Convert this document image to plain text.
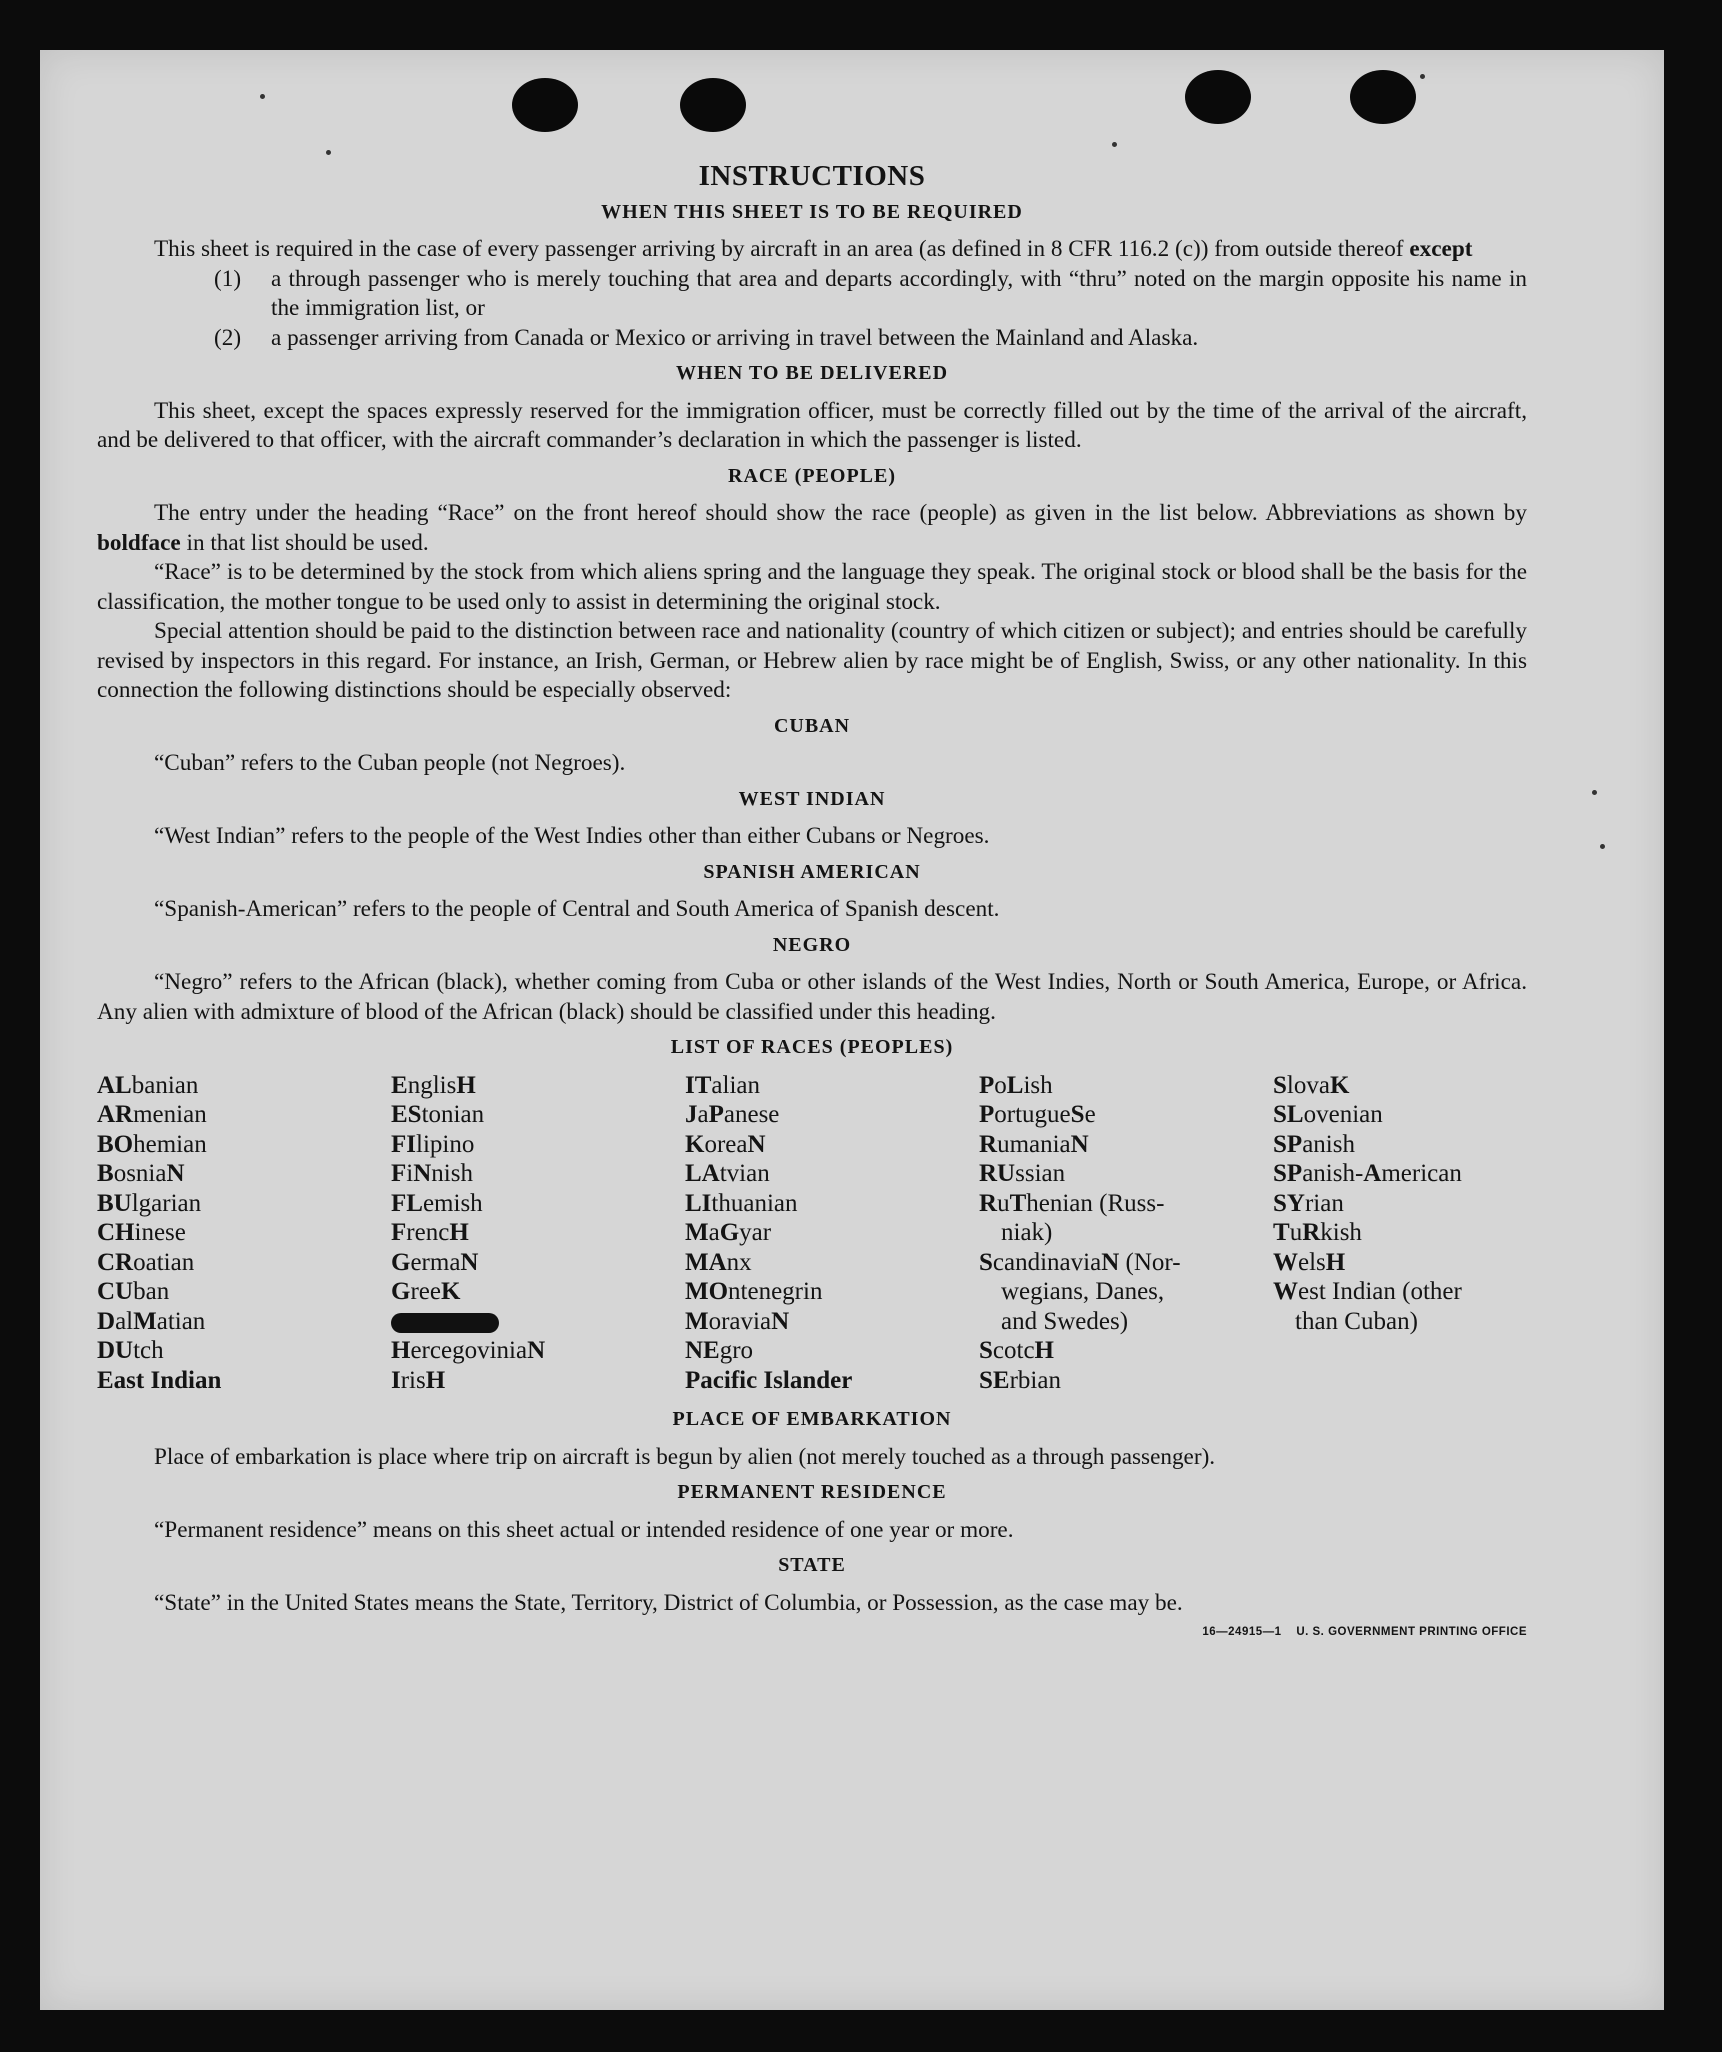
INSTRUCTIONS
WHEN THIS SHEET IS TO BE REQUIRED

This sheet is required in the case of every passenger arriving by aircraft in an area (as defined in 8 CFR 116.2 (c)) from outside thereof except

(1)	a through passenger who is merely touching that area and departs accordingly, with “thru” noted on the margin opposite his name in the immigration list, or
(2)	a passenger arriving from Canada or Mexico or arriving in travel between the Mainland and Alaska.
WHEN TO BE DELIVERED

This sheet, except the spaces expressly reserved for the immigration officer, must be correctly filled out by the time of the arrival of the aircraft, and be delivered to that officer, with the aircraft commander’s declaration in which the passenger is listed.

RACE (PEOPLE)

The entry under the heading “Race” on the front hereof should show the race (people) as given in the list below. Abbreviations as shown by boldface in that list should be used.

“Race” is to be determined by the stock from which aliens spring and the language they speak. The original stock or blood shall be the basis for the classification, the mother tongue to be used only to assist in determining the original stock.

Special attention should be paid to the distinction between race and nationality (country of which citizen or subject); and entries should be carefully revised by inspectors in this regard. For instance, an Irish, German, or Hebrew alien by race might be of English, Swiss, or any other nationality. In this connection the following distinctions should be especially observed:

CUBAN

“Cuban” refers to the Cuban people (not Negroes).

WEST INDIAN

“West Indian” refers to the people of the West Indies other than either Cubans or Negroes.

SPANISH AMERICAN

“Spanish-American” refers to the people of Central and South America of Spanish descent.

NEGRO

“Negro” refers to the African (black), whether coming from Cuba or other islands of the West Indies, North or South America, Europe, or Africa. Any alien with admixture of blood of the African (black) should be classified under this heading.

LIST OF RACES (PEOPLES)
ALbanian
ARmenian
BOhemian
BosniaN
BUlgarian
CHinese
CRoatian
CUban
DalMatian
DUtch
East Indian
EnglisH
EStonian
FIlipino
FiNnish
FLemish
FrencH
GermaN
GreeK
HercegoviniaN
IrisH
ITalian
JaPanese
KoreaN
LAtvian
LIthuanian
MaGyar
MAnx
MOntenegrin
MoraviaN
NEgro
Pacific Islander
PoLish
PortugueSe
RumaniaN
RUssian
RuThenian (Russ-
niak)
ScandinaviaN (Nor-
wegians, Danes,
and Swedes)
ScotcH
SErbian
SlovaK
SLovenian
SPanish
SPanish-American
SYrian
TuRkish
WelsH
West Indian (other
than Cuban)
PLACE OF EMBARKATION

Place of embarkation is place where trip on aircraft is begun by alien (not merely touched as a through passenger).

PERMANENT RESIDENCE

“Permanent residence” means on this sheet actual or intended residence of one year or more.

STATE

“State” in the United States means the State, Territory, District of Columbia, or Possession, as the case may be.

16—24915—1 U. S. GOVERNMENT PRINTING OFFICE
